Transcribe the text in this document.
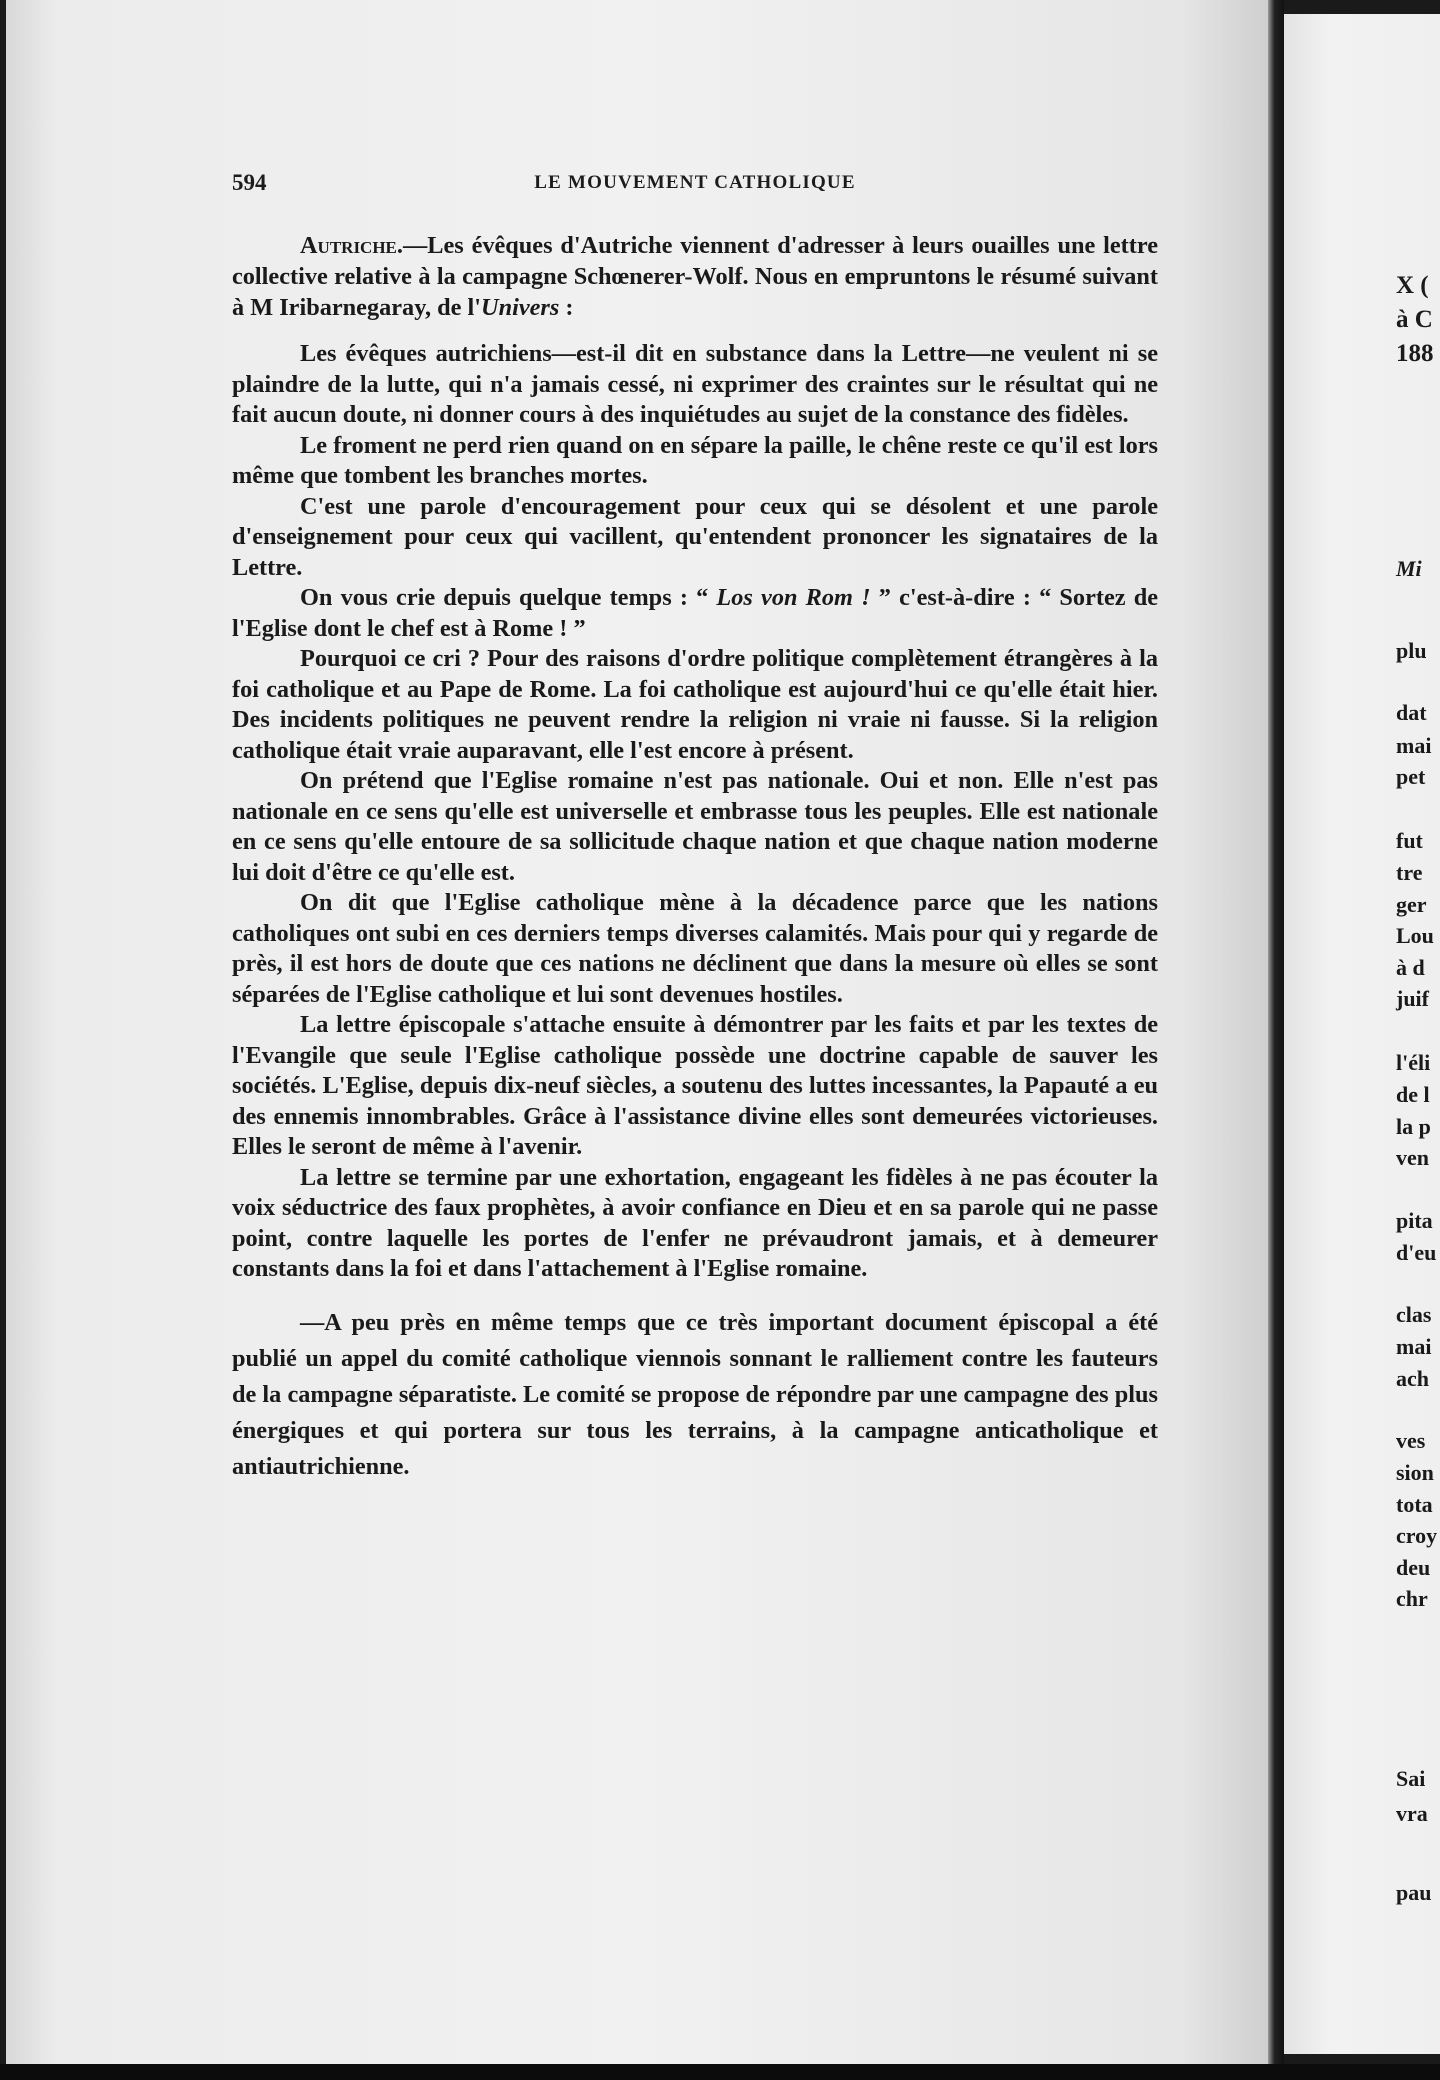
594	LE MOUVEMENT CATHOLIQUE

Autriche.—Les évêques d'Autriche viennent d'adresser à leurs ouailles une lettre collective relative à la campagne Schœnerer-Wolf. Nous en empruntons le résumé suivant à M Iribarnegaray, de l'Univers :

Les évêques autrichiens—est-il dit en substance dans la Lettre—ne veulent ni se plaindre de la lutte, qui n'a jamais cessé, ni exprimer des craintes sur le résultat qui ne fait aucun doute, ni donner cours à des inquiétudes au sujet de la constance des fidèles.

Le froment ne perd rien quand on en sépare la paille, le chêne reste ce qu'il est lors même que tombent les branches mortes.

C'est une parole d'encouragement pour ceux qui se désolent et une parole d'enseignement pour ceux qui vacillent, qu'entendent prononcer les signataires de la Lettre.

On vous crie depuis quelque temps : “ Los von Rom ! ” c'est-à-dire : “ Sortez de l'Eglise dont le chef est à Rome ! ”

Pourquoi ce cri ? Pour des raisons d'ordre politique complètement étrangères à la foi catholique et au Pape de Rome. La foi catholique est aujourd'hui ce qu'elle était hier. Des incidents politiques ne peuvent rendre la religion ni vraie ni fausse. Si la religion catholique était vraie auparavant, elle l'est encore à présent.

On prétend que l'Eglise romaine n'est pas nationale. Oui et non. Elle n'est pas nationale en ce sens qu'elle est universelle et embrasse tous les peuples. Elle est nationale en ce sens qu'elle entoure de sa sollicitude chaque nation et que chaque nation moderne lui doit d'être ce qu'elle est.

On dit que l'Eglise catholique mène à la décadence parce que les nations catholiques ont subi en ces derniers temps diverses calamités. Mais pour qui y regarde de près, il est hors de doute que ces nations ne déclinent que dans la mesure où elles se sont séparées de l'Eglise catholique et lui sont devenues hostiles.

La lettre épiscopale s'attache ensuite à démontrer par les faits et par les textes de l'Evangile que seule l'Eglise catholique possède une doctrine capable de sauver les sociétés. L'Eglise, depuis dix-neuf siècles, a soutenu des luttes incessantes, la Papauté a eu des ennemis innombrables. Grâce à l'assistance divine elles sont demeurées victorieuses. Elles le seront de même à l'avenir.

La lettre se termine par une exhortation, engageant les fidèles à ne pas écouter la voix séductrice des faux prophètes, à avoir confiance en Dieu et en sa parole qui ne passe point, contre laquelle les portes de l'enfer ne prévaudront jamais, et à demeurer constants dans la foi et dans l'attachement à l'Eglise romaine.

—A peu près en même temps que ce très important document épiscopal a été publié un appel du comité catholique viennois sonnant le ralliement contre les fauteurs de la campagne séparatiste. Le comité se propose de répondre par une campagne des plus énergiques et qui portera sur tous les terrains, à la campagne anticatholique et antiautrichienne.

X (
à C
188
Mi
plu
dat
mai
pet
fut
tre
ger
Lou
à d
juif
l'éli
de l
la p
ven
pita
d'eu
clas
mai
ach
ves
sion
tota
croy
deu
chr
Sai
vra
pau
